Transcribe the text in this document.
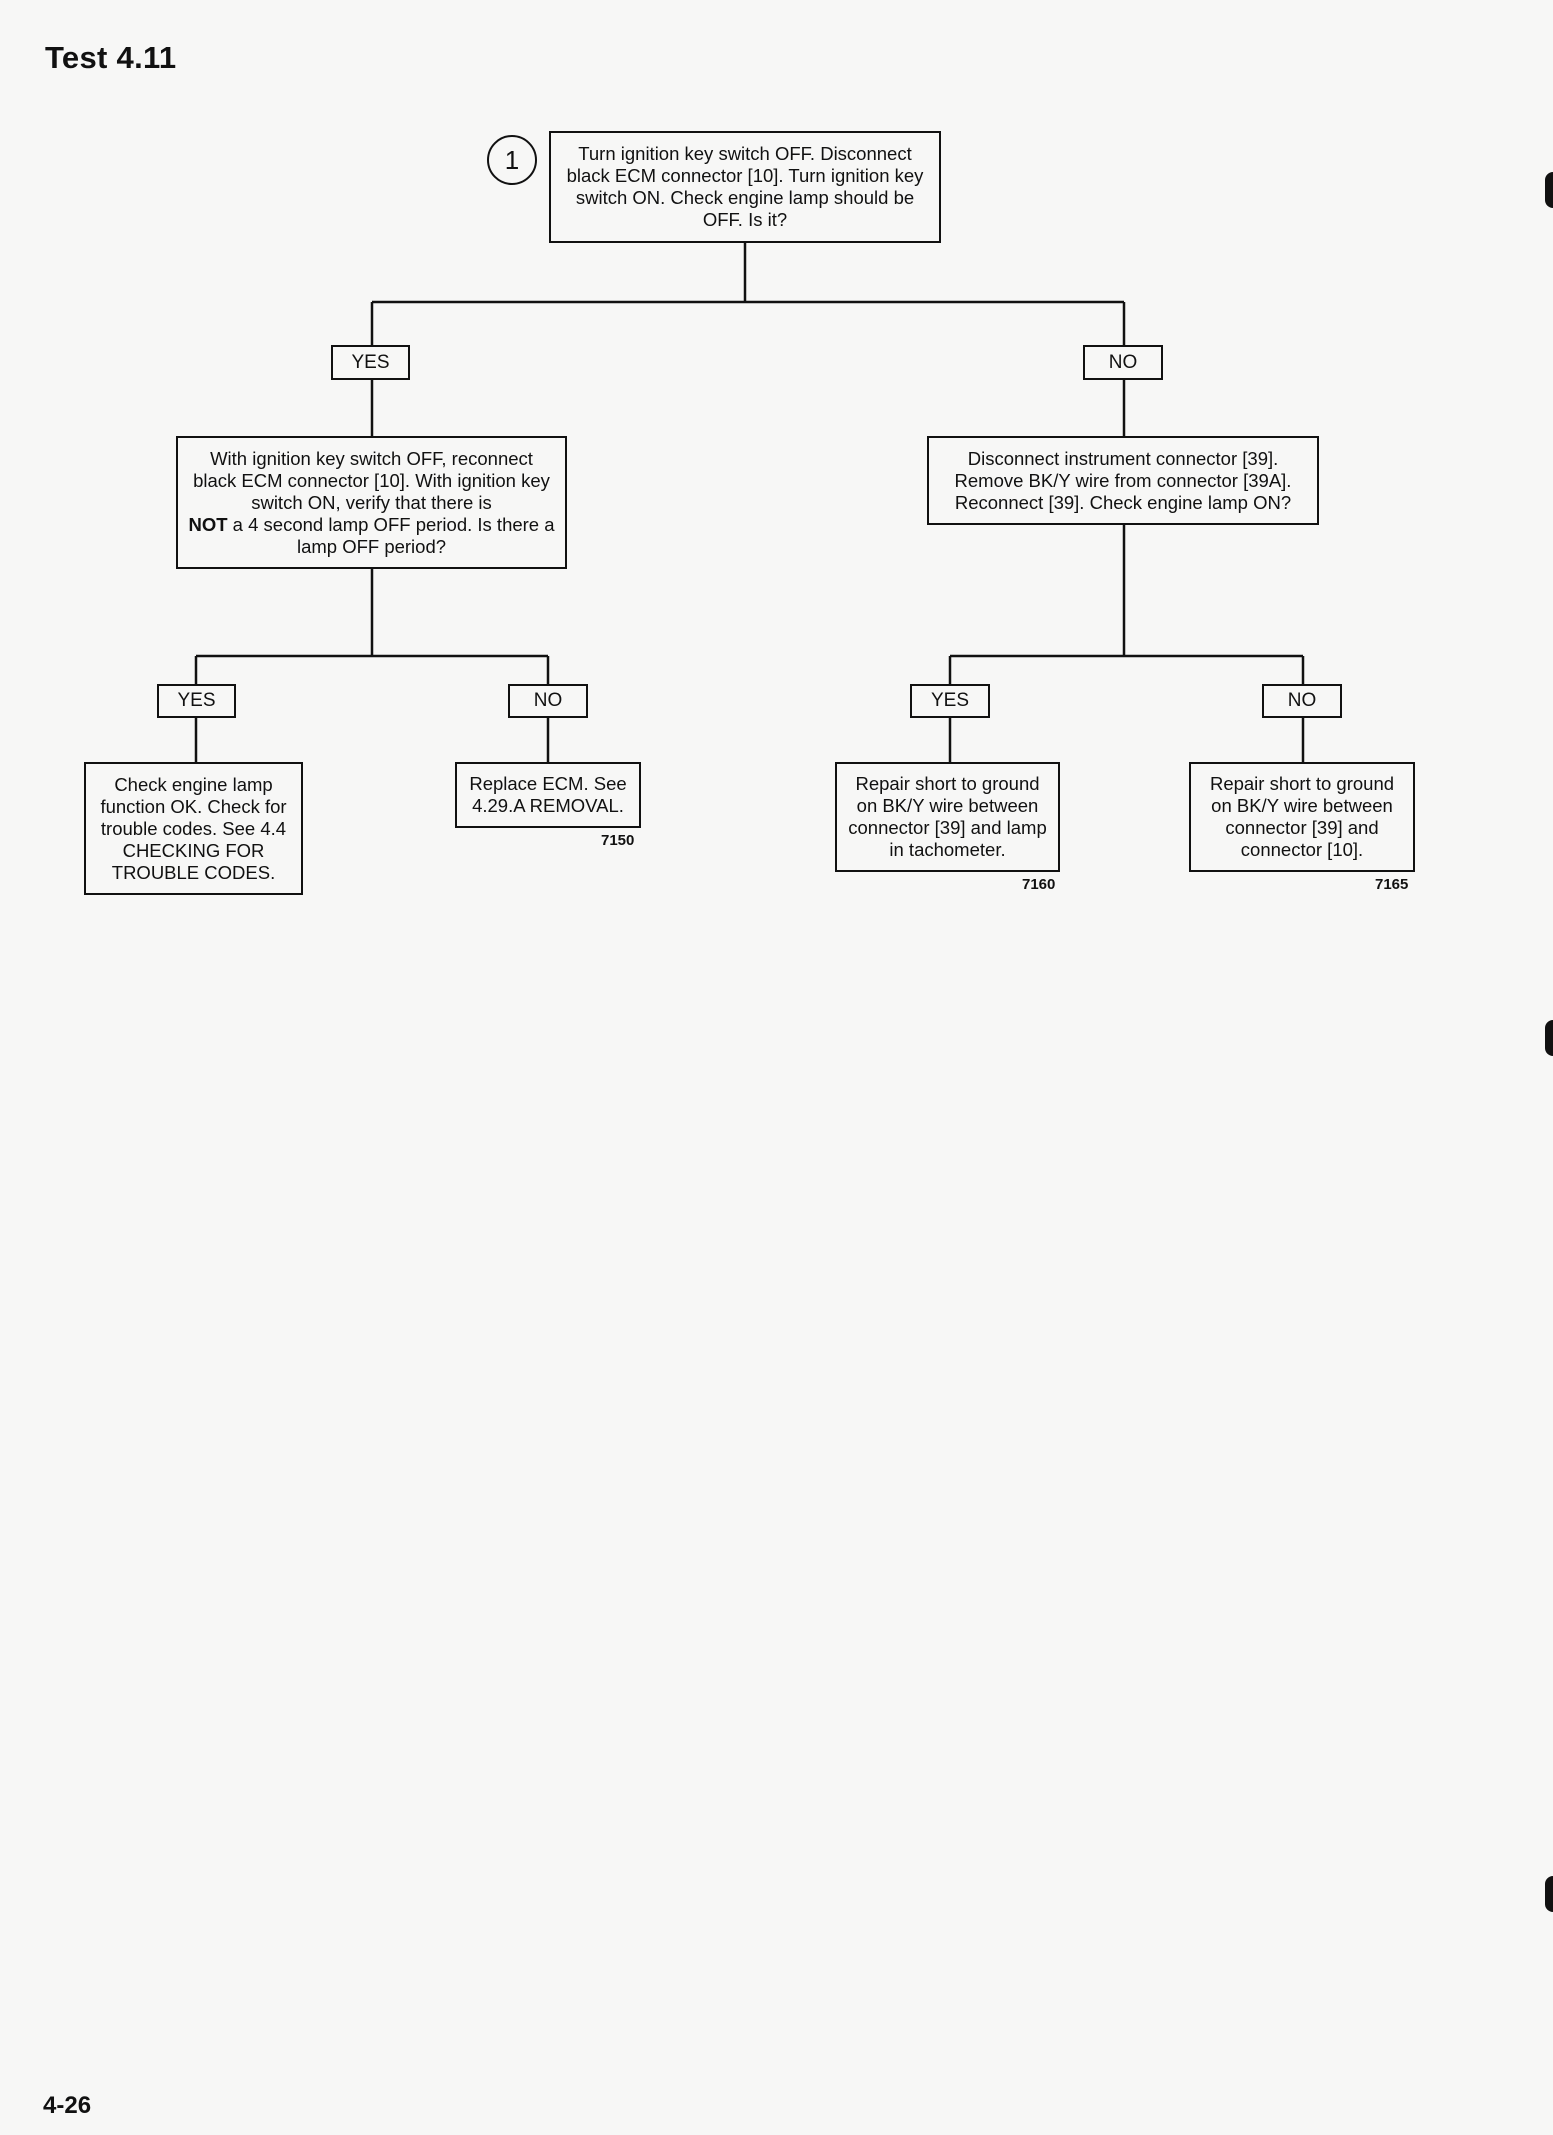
Test 4.11
1	Turn ignition key switch OFF. Disconnect black ECM connector [10]. Turn ignition key switch ON. Check engine lamp should be OFF. Is it?
YES	NO
With ignition key switch OFF, reconnect black ECM connector [10]. With ignition key switch ON, verify that there is
NOT a 4 second lamp OFF period. Is there a lamp OFF period?
Disconnect instrument connector [39]. Remove BK/Y wire from connector [39A]. Reconnect [39]. Check engine lamp ON?
YES	NO	YES	NO
Check engine lamp function OK. Check for trouble codes. See 4.4 CHECKING FOR TROUBLE CODES.
Replace ECM. See 4.29.A REMOVAL.
7150
Repair short to ground on BK/Y wire between connector [39] and lamp in tachometer.
7160
Repair short to ground on BK/Y wire between connector [39] and connector [10].
7165
4-26
